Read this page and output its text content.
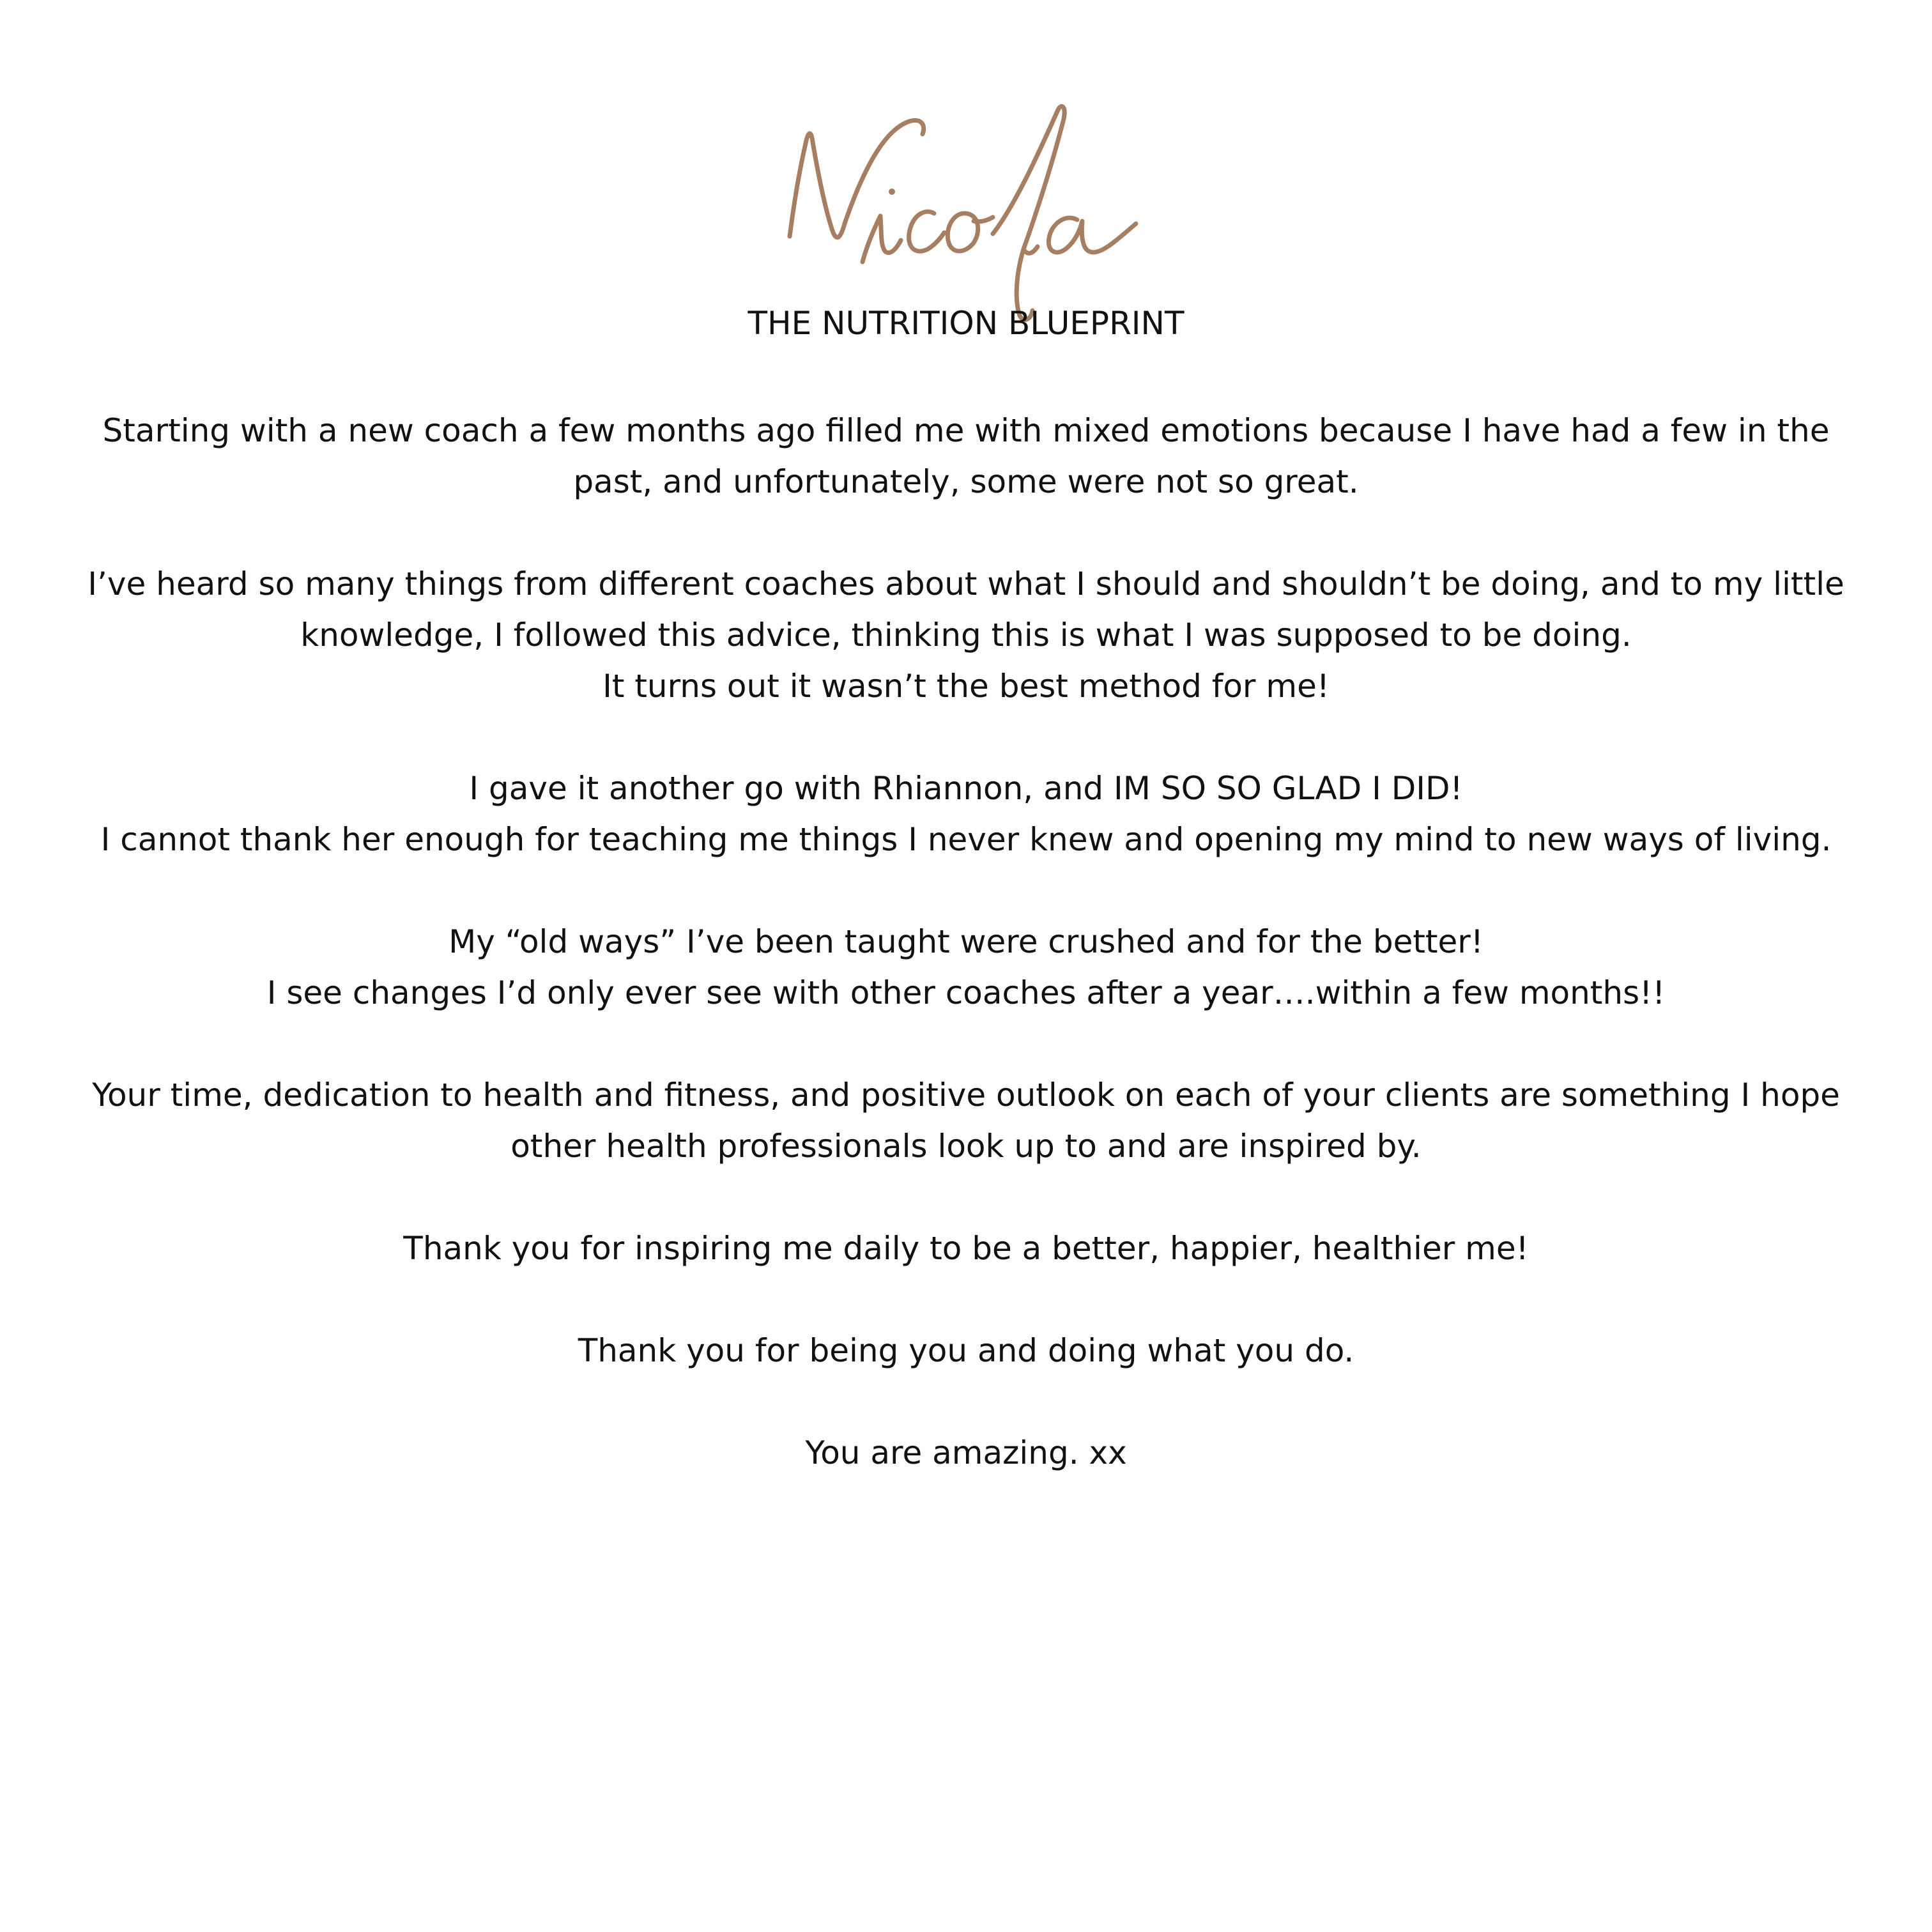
THE NUTRITION BLUEPRINT
Starting with a new coach a few months ago filled me with mixed emotions because I have had a few in the
past, and unfortunately, some were not so great.
I’ve heard so many things from different coaches about what I should and shouldn’t be doing, and to my little
knowledge, I followed this advice, thinking this is what I was supposed to be doing.
It turns out it wasn’t the best method for me!
I gave it another go with Rhiannon, and IM SO SO GLAD I DID!
I cannot thank her enough for teaching me things I never knew and opening my mind to new ways of living.
My “old ways” I’ve been taught were crushed and for the better!
I see changes I’d only ever see with other coaches after a year….within a few months!!
Your time, dedication to health and fitness, and positive outlook on each of your clients are something I hope
other health professionals look up to and are inspired by.
Thank you for inspiring me daily to be a better, happier, healthier me!
Thank you for being you and doing what you do.
You are amazing. xx
